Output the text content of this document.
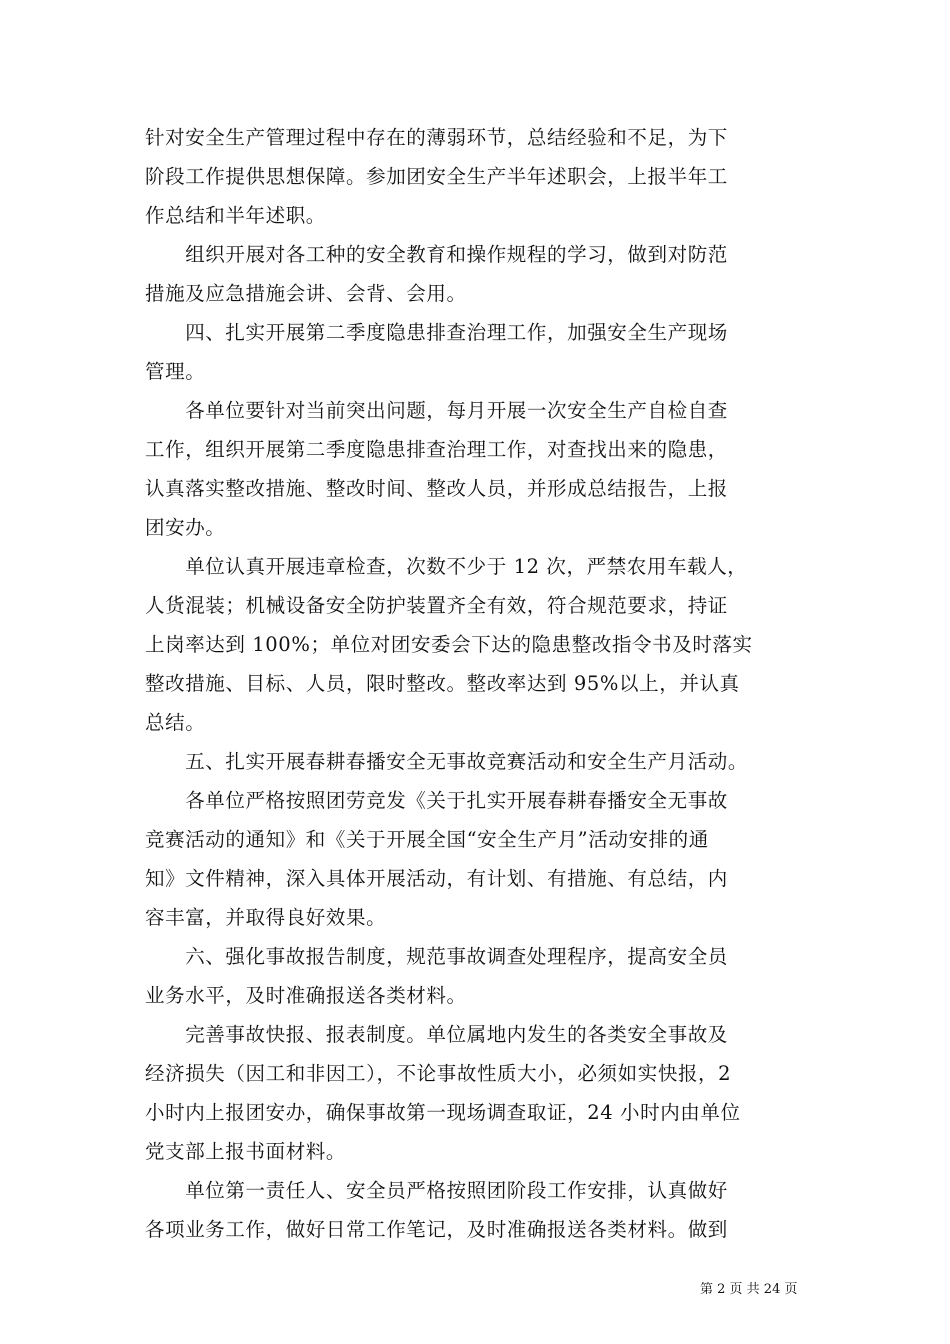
针对安全生产管理过程中存在的薄弱环节，总结经验和不足，为下
阶段工作提供思想保障。参加团安全生产半年述职会，上报半年工
作总结和半年述职。
　　组织开展对各工种的安全教育和操作规程的学习，做到对防范
措施及应急措施会讲、会背、会用。
　　四、扎实开展第二季度隐患排查治理工作，加强安全生产现场
管理。
　　各单位要针对当前突出问题，每月开展一次安全生产自检自查
工作，组织开展第二季度隐患排查治理工作，对查找出来的隐患，
认真落实整改措施、整改时间、整改人员，并形成总结报告，上报
团安办。
　　单位认真开展违章检查，次数不少于 12 次，严禁农用车载人，
人货混装；机械设备安全防护装置齐全有效，符合规范要求，持证
上岗率达到 100%；单位对团安委会下达的隐患整改指令书及时落实
整改措施、目标、人员，限时整改。整改率达到 95%以上，并认真
总结。
　　五、扎实开展春耕春播安全无事故竞赛活动和安全生产月活动。
　　各单位严格按照团劳竞发《关于扎实开展春耕春播安全无事故
竞赛活动的通知》和《关于开展全国“安全生产月”活动安排的通
知》文件精神，深入具体开展活动，有计划、有措施、有总结，内
容丰富，并取得良好效果。
　　六、强化事故报告制度，规范事故调查处理程序，提高安全员
业务水平，及时准确报送各类材料。
　　完善事故快报、报表制度。单位属地内发生的各类安全事故及
经济损失（因工和非因工），不论事故性质大小，必须如实快报，2
小时内上报团安办，确保事故第一现场调查取证，24 小时内由单位
党支部上报书面材料。
　　单位第一责任人、安全员严格按照团阶段工作安排，认真做好
各项业务工作，做好日常工作笔记，及时准确报送各类材料。做到
第 2 页 共 24 页
